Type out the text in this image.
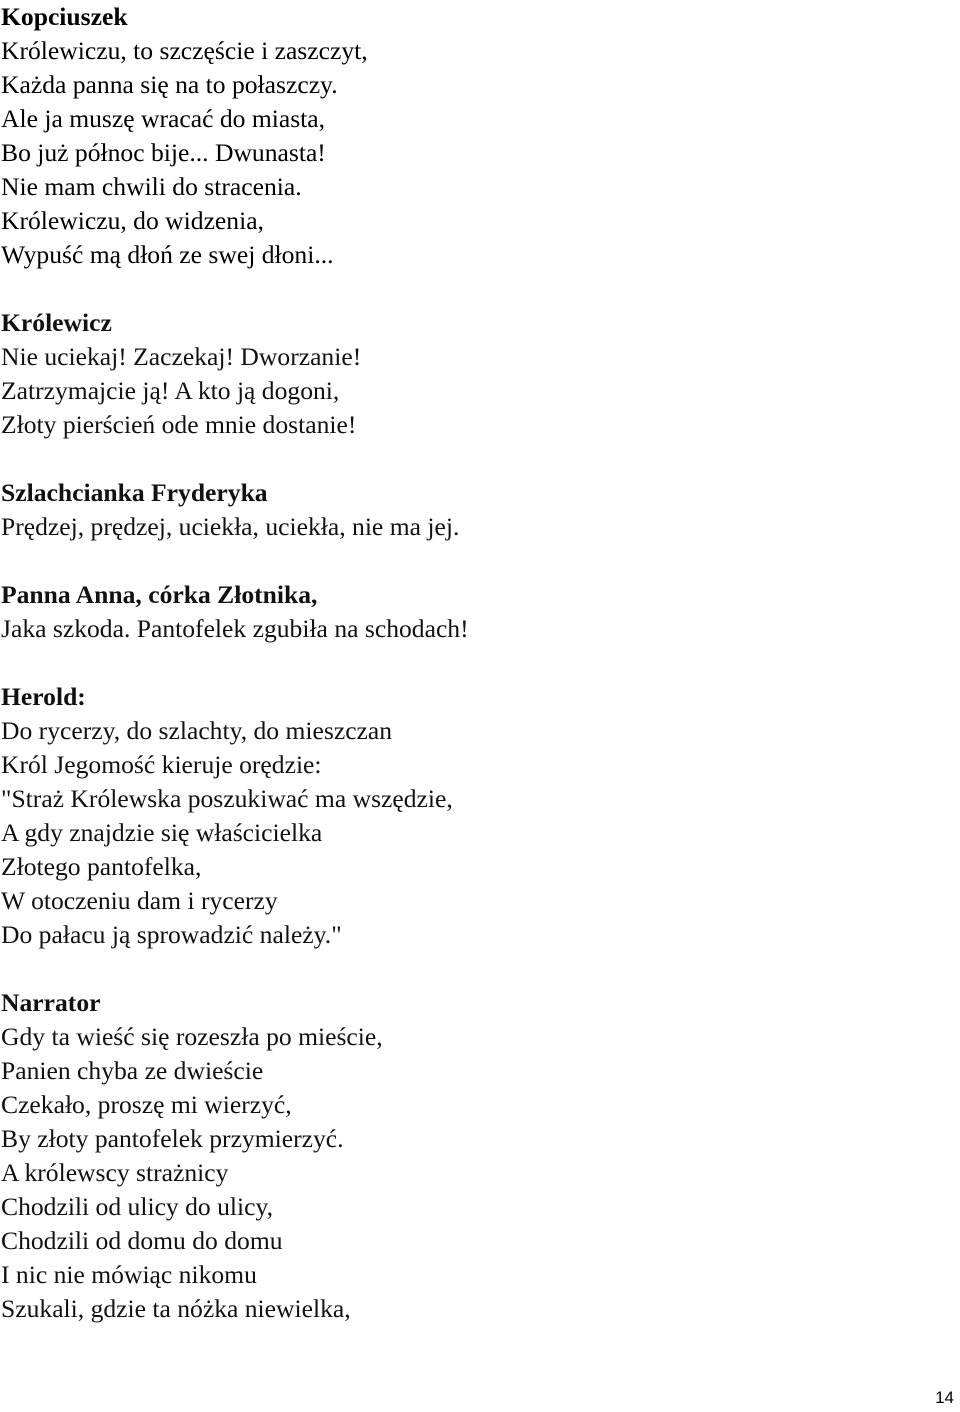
Kopciuszek

Królewiczu, to szczęście i zaszczyt,

Każda panna się na to połaszczy.

Ale ja muszę wracać do miasta,

Bo już północ bije... Dwunasta!

Nie mam chwili do stracenia.

Królewiczu, do widzenia,

Wypuść mą dłoń ze swej dłoni...

Królewicz

Nie uciekaj! Zaczekaj! Dworzanie!

Zatrzymajcie ją! A kto ją dogoni,

Złoty pierścień ode mnie dostanie!

Szlachcianka Fryderyka

Prędzej, prędzej, uciekła, uciekła, nie ma jej.

Panna Anna, córka Złotnika,

Jaka szkoda. Pantofelek zgubiła na schodach!

Herold:

Do rycerzy, do szlachty, do mieszczan

Król Jegomość kieruje orędzie:

"Straż Królewska poszukiwać ma wszędzie,

A gdy znajdzie się właścicielka

Złotego pantofelka,

W otoczeniu dam i rycerzy

Do pałacu ją sprowadzić należy."

Narrator

Gdy ta wieść się rozeszła po mieście,

Panien chyba ze dwieście

Czekało, proszę mi wierzyć,

By złoty pantofelek przymierzyć.

A królewscy strażnicy

Chodzili od ulicy do ulicy,

Chodzili od domu do domu

I nic nie mówiąc nikomu

Szukali, gdzie ta nóżka niewielka,

14
